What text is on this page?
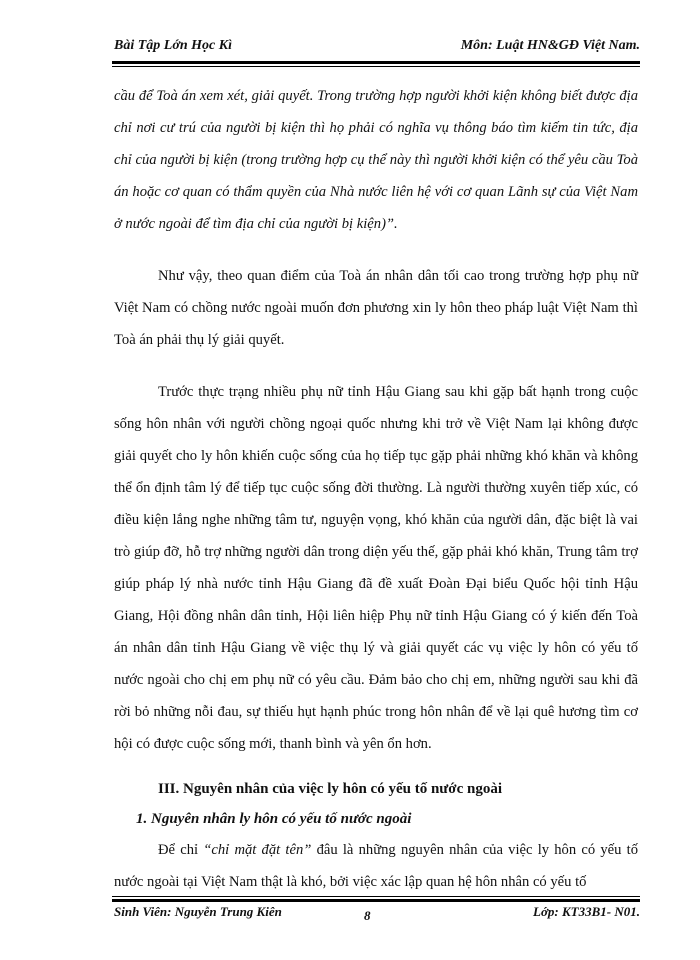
Bài Tập Lớn Học Kì	Môn: Luật HN&GĐ Việt Nam.

cầu để Toà án xem xét, giải quyết. Trong trường hợp người khởi kiện không biết được địa chỉ nơi cư trú của người bị kiện thì họ phải có nghĩa vụ thông báo tìm kiếm tin tức, địa chỉ của người bị kiện (trong trường hợp cụ thể này thì người khởi kiện có thể yêu cầu Toà án hoặc cơ quan có thẩm quyền của Nhà nước liên hệ với cơ quan Lãnh sự của Việt Nam ở nước ngoài để tìm địa chỉ của người bị kiện)”.

Như vậy, theo quan điểm của Toà án nhân dân tối cao trong trường hợp phụ nữ Việt Nam có chồng nước ngoài muốn đơn phương xin ly hôn theo pháp luật Việt Nam thì Toà án phải thụ lý giải quyết.

Trước thực trạng nhiều phụ nữ tỉnh Hậu Giang sau khi gặp bất hạnh trong cuộc sống hôn nhân với người chồng ngoại quốc nhưng khi trở về Việt Nam lại không được giải quyết cho ly hôn khiến cuộc sống của họ tiếp tục gặp phải những khó khăn và không thể ổn định tâm lý để tiếp tục cuộc sống đời thường. Là người thường xuyên tiếp xúc, có điều kiện lắng nghe những tâm tư, nguyện vọng, khó khăn của người dân, đặc biệt là vai trò giúp đỡ, hỗ trợ những người dân trong diện yếu thế, gặp phải khó khăn, Trung tâm trợ giúp pháp lý nhà nước tỉnh Hậu Giang đã đề xuất Đoàn Đại biểu Quốc hội tỉnh Hậu Giang, Hội đồng nhân dân tỉnh, Hội liên hiệp Phụ nữ tỉnh Hậu Giang có ý kiến đến Toà án nhân dân tỉnh Hậu Giang về việc thụ lý và giải quyết các vụ việc ly hôn có yếu tố nước ngoài cho chị em phụ nữ có yêu cầu. Đảm bảo cho chị em, những người sau khi đã rời bỏ những nỗi đau, sự thiếu hụt hạnh phúc trong hôn nhân để về lại quê hương tìm cơ hội có được cuộc sống mới, thanh bình và yên ổn hơn.

III. Nguyên nhân của việc ly hôn có yếu tố nước ngoài
1. Nguyên nhân ly hôn có yếu tố nước ngoài

Để chỉ “chỉ mặt đặt tên” đâu là những nguyên nhân của việc ly hôn có yếu tố nước ngoài tại Việt Nam thật là khó, bởi việc xác lập quan hệ hôn nhân có yếu tố

Sinh Viên: Nguyễn Trung Kiên	8	Lớp: KT33B1- N01.
